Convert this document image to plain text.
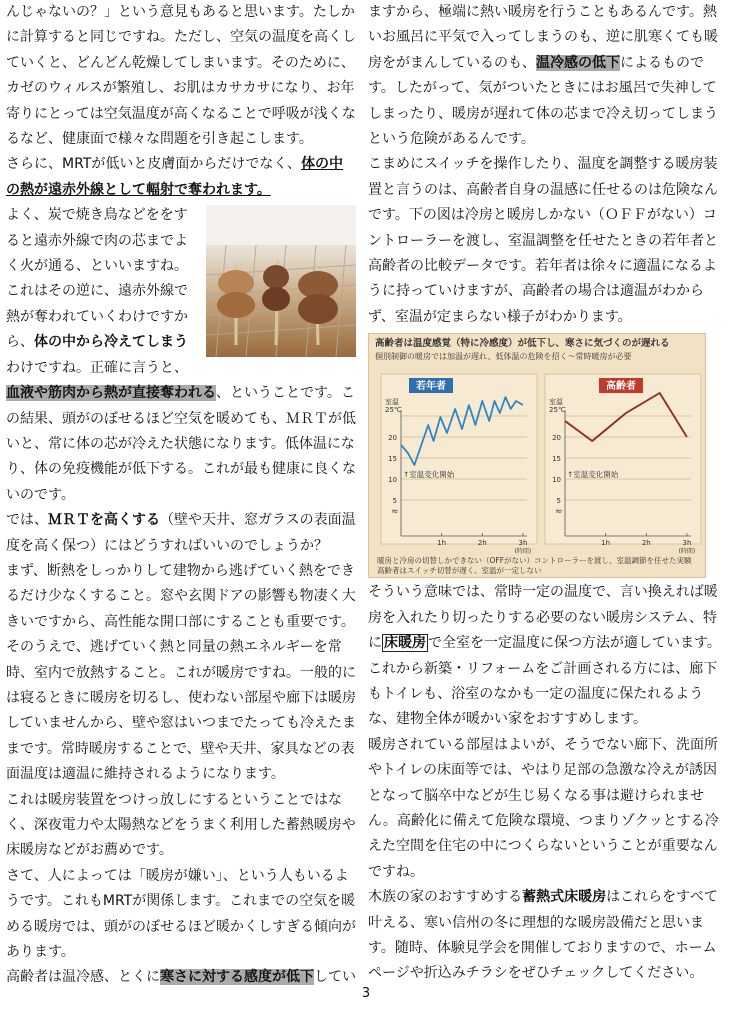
んじゃないの？」という意見もあると思います。たしかに計算すると同じですね。ただし、空気の温度を高くしていくと、どんどん乾燥してしまいます。そのために、カゼのウィルスが繁殖し、お肌はカサカサになり、お年寄りにとっては空気温度が高くなることで呼吸が浅くなるなど、健康面で様々な問題を引き起こします。

さらに、MRTが低いと皮膚面からだけでなく、体の中の熱が遠赤外線として輻射で奪われます。

よく、炭で焼き鳥などををすると遠赤外線で肉の芯までよく火が通る、といいますね。これはその逆に、遠赤外線で熱が奪われていくわけですから、体の中から冷えてしまうわけですね。正確に言うと、血液や筋肉から熱が直接奪われる、ということです。この結果、頭がのぼせるほど空気を暖めても、ＭＲＴが低いと、常に体の芯が冷えた状態になります。低体温になり、体の免疫機能が低下する。これが最も健康に良くないのです。

では、ＭＲＴを高くする（壁や天井、窓ガラスの表面温度を高く保つ）にはどうすればいいのでしょうか？

まず、断熱をしっかりして建物から逃げていく熱をできるだけ少なくすること。窓や玄関ドアの影響も物凄く大きいですから、高性能な開口部にすることも重要です。そのうえで、逃げていく熱と同量の熱エネルギーを常時、室内で放熱すること。これが暖房ですね。一般的には寝るときに暖房を切るし、使わない部屋や廊下は暖房していませんから、壁や窓はいつまでたっても冷えたままです。常時暖房することで、壁や天井、家具などの表面温度は適温に維持されるようになります。

これは暖房装置をつけっ放しにするということではなく、深夜電力や太陽熱などをうまく利用した蓄熱暖房や床暖房などがお薦めです。

さて、人によっては「暖房が嫌い」、という人もいるようです。これもMRTが関係します。これまでの空気を暖める暖房では、頭がのぼせるほど暖かくしすぎる傾向があります。

高齢者は温冷感、とくに寒さに対する感度が低下してい

ますから、極端に熱い暖房を行うこともあるんです。熱いお風呂に平気で入ってしまうのも、逆に肌寒くても暖房をがまんしているのも、温冷感の低下によるものです。したがって、気がついたときにはお風呂で失神してしまったり、暖房が遅れて体の芯まで冷え切ってしまうという危険があるんです。

こまめにスイッチを操作したり、温度を調整する暖房装置と言うのは、高齢者自身の温感に任せるのは危険なんです。下の図は冷房と暖房しかない（ＯＦＦがない）コントローラーを渡し、室温調整を任せたときの若年者と高齢者の比較データです。若年者は徐々に適温になるように持っていけますが、高齢者の場合は適温がわからず、室温が定まらない様子がわかります。

高齢者は温度感覚（特に冷感度）が低下し、寒さに気づくのが遅れる
個別制御の暖房では加温が遅れ、低体温の危険を招く〜常時暖房が必要
若年者
室温
25℃
20
15
10
5
≈
↑室温変化開始
1h	2h	3h
(時間)
高齢者
室温
25℃
20
15
10
5
≈
↑室温変化開始
1h	2h	3h
(時間)
暖房と冷房の切替しかできない（OFFがない）コントローラーを渡し、室温調節を任せた実験　高齢者はスイッチ切替が遅く、室温が一定しない

そういう意味では、常時一定の温度で、言い換えれば暖房を入れたり切ったりする必要のない暖房システム、特に 床暖房 で全室を一定温度に保つ方法が適しています。

これから新築・リフォームをご計画される方には、廊下もトイレも、浴室のなかも一定の温度に保たれるような、建物全体が暖かい家をおすすめします。

暖房されている部屋はよいが、そうでない廊下、洗面所やトイレの床面等では、やはり足部の急激な冷えが誘因となって脳卒中などが生じ易くなる事は避けられません。高齢化に備えて危険な環境、つまりゾクッとする冷えた空間を住宅の中につくらないということが重要なんですね。

木族の家のおすすめする蓄熱式床暖房はこれらをすべて叶える、寒い信州の冬に理想的な暖房設備だと思います。随時、体験見学会を開催しておりますので、ホームページや折込みチラシをぜひチェックしてください。

3
